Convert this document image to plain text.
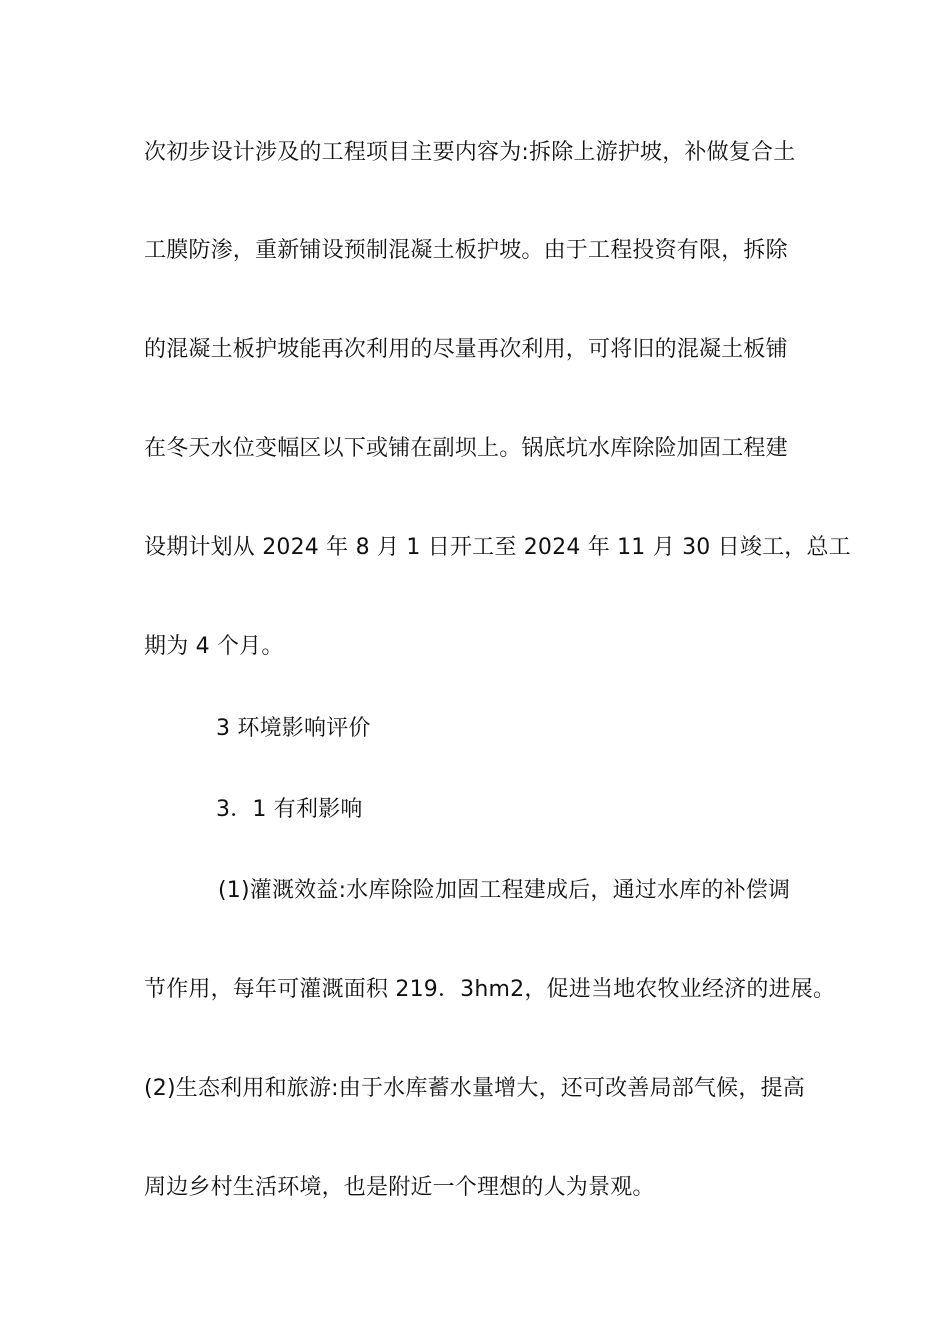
次初步设计涉及的工程项目主要内容为:拆除上游护坡，补做复合土
工膜防渗，重新铺设预制混凝土板护坡。由于工程投资有限，拆除
的混凝土板护坡能再次利用的尽量再次利用，可将旧的混凝土板铺
在冬天水位变幅区以下或铺在副坝上。锅底坑水库除险加固工程建
设期计划从 2024 年 8 月 1 日开工至 2024 年 11 月 30 日竣工，总工
期为 4 个月。
3 环境影响评价
3．1 有利影响
(1)灌溉效益:水库除险加固工程建成后，通过水库的补偿调
节作用，每年可灌溉面积 219．3hm2，促进当地农牧业经济的进展。
(2)生态利用和旅游:由于水库蓄水量增大，还可改善局部气候，提高
周边乡村生活环境，也是附近一个理想的人为景观。
